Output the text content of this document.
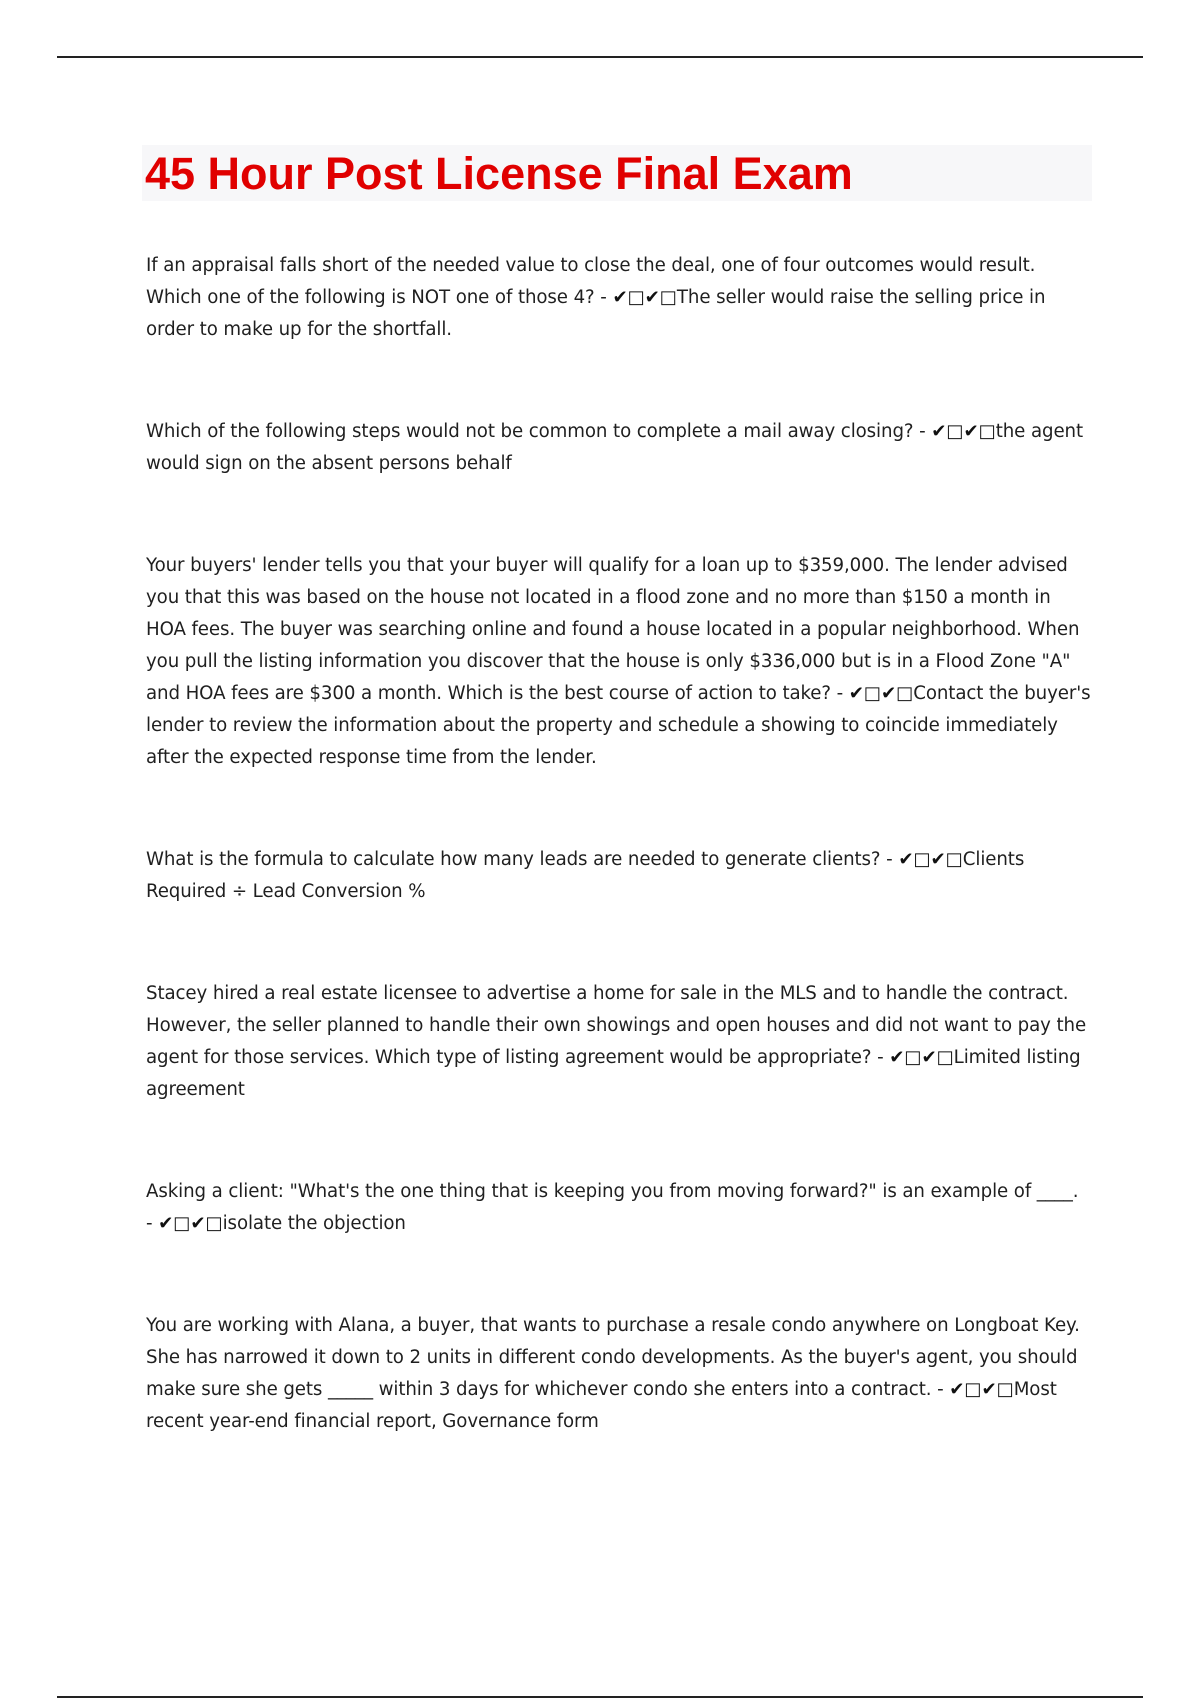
45 Hour Post License Final Exam

If an appraisal falls short of the needed value to close the deal, one of four outcomes would result. Which one of the following is NOT one of those 4? - ✔□✔□The seller would raise the selling price in order to make up for the shortfall.

Which of the following steps would not be common to complete a mail away closing? - ✔□✔□the agent would sign on the absent persons behalf

Your buyers' lender tells you that your buyer will qualify for a loan up to $359,000. The lender advised you that this was based on the house not located in a flood zone and no more than $150 a month in HOA fees. The buyer was searching online and found a house located in a popular neighborhood. When you pull the listing information you discover that the house is only $336,000 but is in a Flood Zone "A" and HOA fees are $300 a month. Which is the best course of action to take? - ✔□✔□Contact the buyer's lender to review the information about the property and schedule a showing to coincide immediately after the expected response time from the lender.

What is the formula to calculate how many leads are needed to generate clients? - ✔□✔□Clients Required ÷ Lead Conversion %

Stacey hired a real estate licensee to advertise a home for sale in the MLS and to handle the contract. However, the seller planned to handle their own showings and open houses and did not want to pay the agent for those services. Which type of listing agreement would be appropriate? - ✔□✔□Limited listing agreement

Asking a client: "What's the one thing that is keeping you from moving forward?" is an example of ____. - ✔□✔□isolate the objection

You are working with Alana, a buyer, that wants to purchase a resale condo anywhere on Longboat Key. She has narrowed it down to 2 units in different condo developments. As the buyer's agent, you should make sure she gets _____ within 3 days for whichever condo she enters into a contract. - ✔□✔□Most recent year-end financial report, Governance form
